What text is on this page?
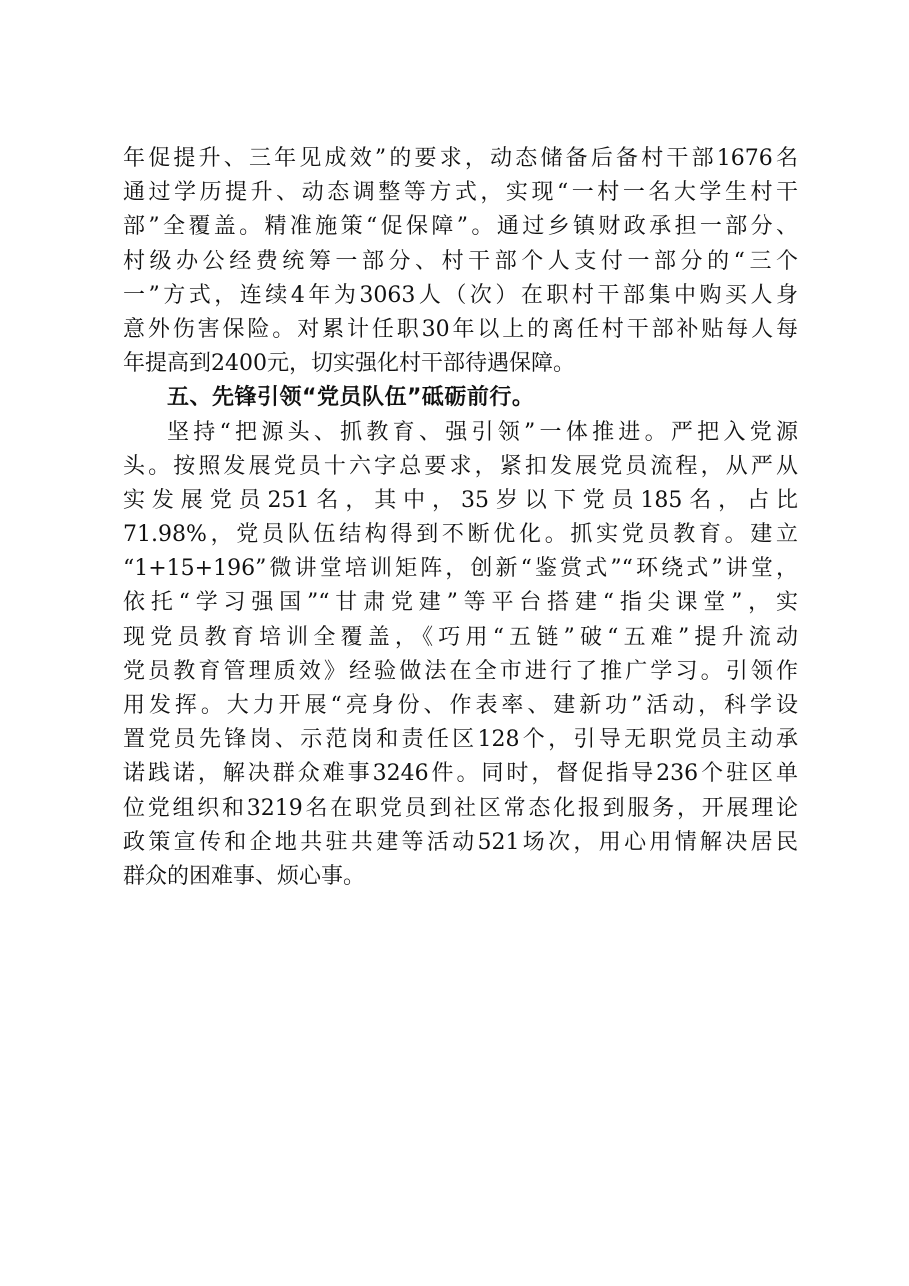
年促提升、三年见成效”的要求，动态储备后备村干部1676名
通过学历提升、动态调整等方式，实现“一村一名大学生村干
部”全覆盖。精准施策“促保障”。通过乡镇财政承担一部分、
村级办公经费统筹一部分、村干部个人支付一部分的“三个
一”方式，连续4年为3063人（次）在职村干部集中购买人身
意外伤害保险。对累计任职30年以上的离任村干部补贴每人每
年提高到2400元，切实强化村干部待遇保障。
五、先锋引领“党员队伍”砥砺前行。
坚持“把源头、抓教育、强引领”一体推进。严把入党源
头。按照发展党员十六字总要求，紧扣发展党员流程，从严从
实发展党员251名，其中，35岁以下党员185名，占比
71.98%，党员队伍结构得到不断优化。抓实党员教育。建立
“1+15+196”微讲堂培训矩阵，创新“鉴赏式”“环绕式”讲堂，
依托“学习强国”“甘肃党建”等平台搭建“指尖课堂”，实
现党员教育培训全覆盖，《巧用“五链”破“五难”提升流动
党员教育管理质效》经验做法在全市进行了推广学习。引领作
用发挥。大力开展“亮身份、作表率、建新功”活动，科学设
置党员先锋岗、示范岗和责任区128个，引导无职党员主动承
诺践诺，解决群众难事3246件。同时，督促指导236个驻区单
位党组织和3219名在职党员到社区常态化报到服务，开展理论
政策宣传和企地共驻共建等活动521场次，用心用情解决居民
群众的困难事、烦心事。
